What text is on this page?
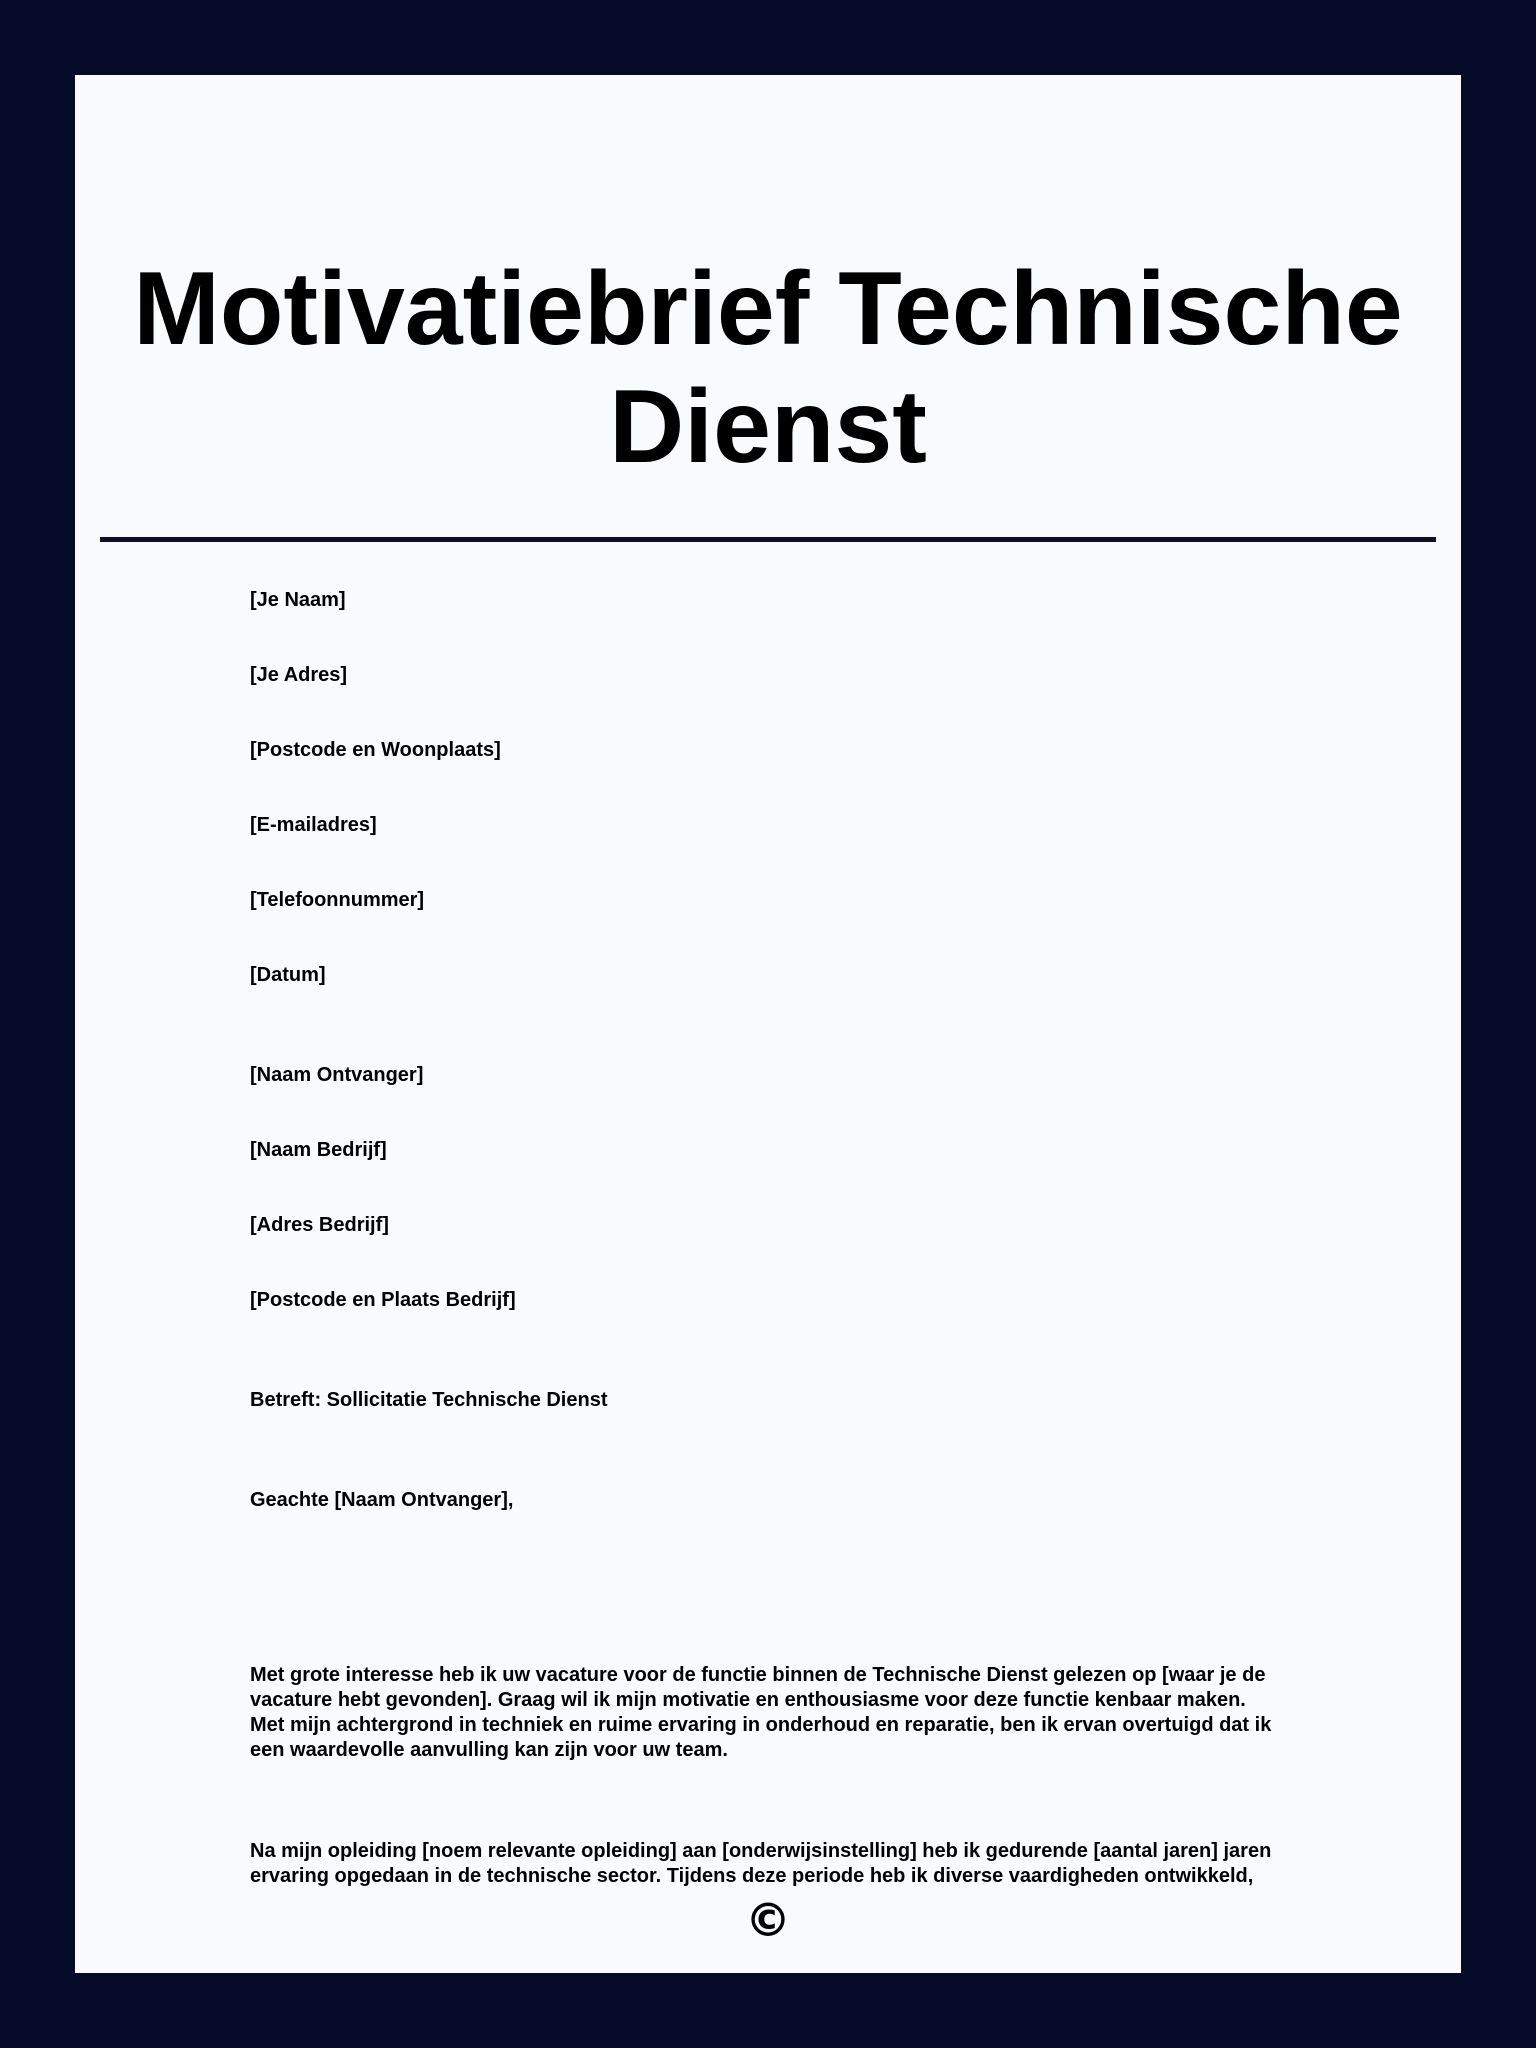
Motivatiebrief Technische
Dienst
[Je Naam]
[Je Adres]
[Postcode en Woonplaats]
[E-mailadres]
[Telefoonnummer]
[Datum]
[Naam Ontvanger]
[Naam Bedrijf]
[Adres Bedrijf]
[Postcode en Plaats Bedrijf]
Betreft: Sollicitatie Technische Dienst
Geachte [Naam Ontvanger],
Met grote interesse heb ik uw vacature voor de functie binnen de Technische Dienst gelezen op [waar je de
vacature hebt gevonden]. Graag wil ik mijn motivatie en enthousiasme voor deze functie kenbaar maken.
Met mijn achtergrond in techniek en ruime ervaring in onderhoud en reparatie, ben ik ervan overtuigd dat ik
een waardevolle aanvulling kan zijn voor uw team.
Na mijn opleiding [noem relevante opleiding] aan [onderwijsinstelling] heb ik gedurende [aantal jaren] jaren
ervaring opgedaan in de technische sector. Tijdens deze periode heb ik diverse vaardigheden ontwikkeld,
©
